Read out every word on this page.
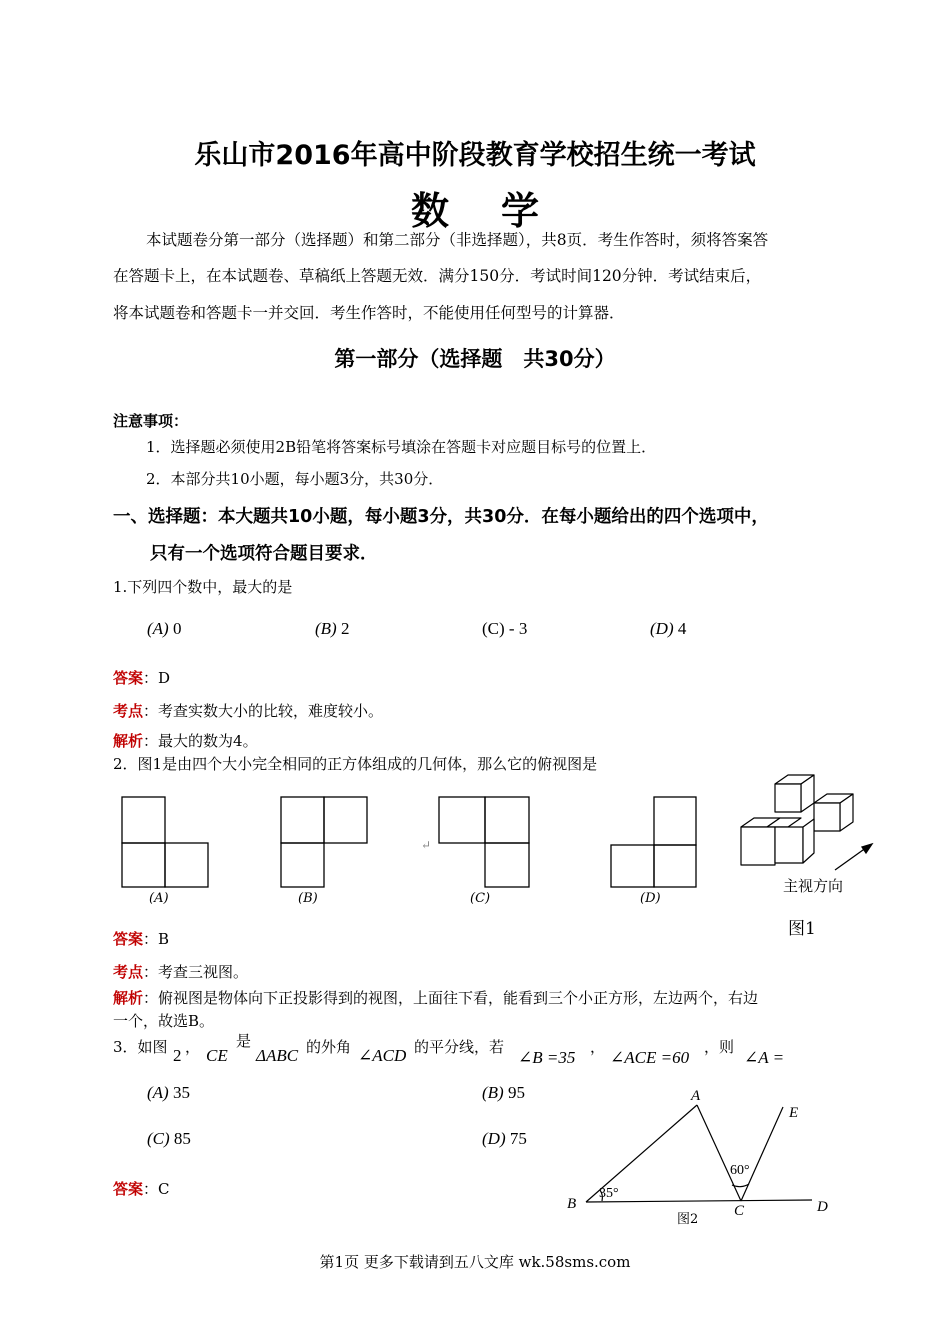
乐山市2016年高中阶段教育学校招生统一考试
数学
本试题卷分第一部分（选择题）和第二部分（非选择题），共8页．考生作答时，须将答案答
在答题卡上，在本试题卷、草稿纸上答题无效．满分150分．考试时间120分钟．考试结束后，
将本试题卷和答题卡一并交回．考生作答时，不能使用任何型号的计算器．
第一部分（选择题　共30分）
注意事项：
1．选择题必须使用2B铅笔将答案标号填涂在答题卡对应题目标号的位置上．
2．本部分共10小题，每小题3分，共30分．
一、选择题：本大题共10小题，每小题3分，共30分．在每小题给出的四个选项中，
只有一个选项符合题目要求．
1.下列四个数中，最大的是
(A) 0	(B) 2	(C) - 3	(D) 4
答案：D
考点：考查实数大小的比较，难度较小。
解析：最大的数为4。
2．图1是由四个大小完全相同的正方体组成的几何体，那么它的俯视图是
↵
(A)	(B)	(C)	(D)
主视方向
图1
答案：B
考点：考查三视图。
解析：俯视图是物体向下正投影得到的视图，上面往下看，能看到三个小正方形，左边两个，右边
一个，故选B。
3．如图 2 ， CE
是
ΔABC 的外角 ∠ACD 的平分线，若
∠B =35
，
∠ACE =60
，则
∠A =
(A) 35	(B) 95
(C) 85	(D) 75
答案：C
A
B	C	D
E
35°
60°
图2
第1页 更多下载请到五八文库 wk.58sms.com
